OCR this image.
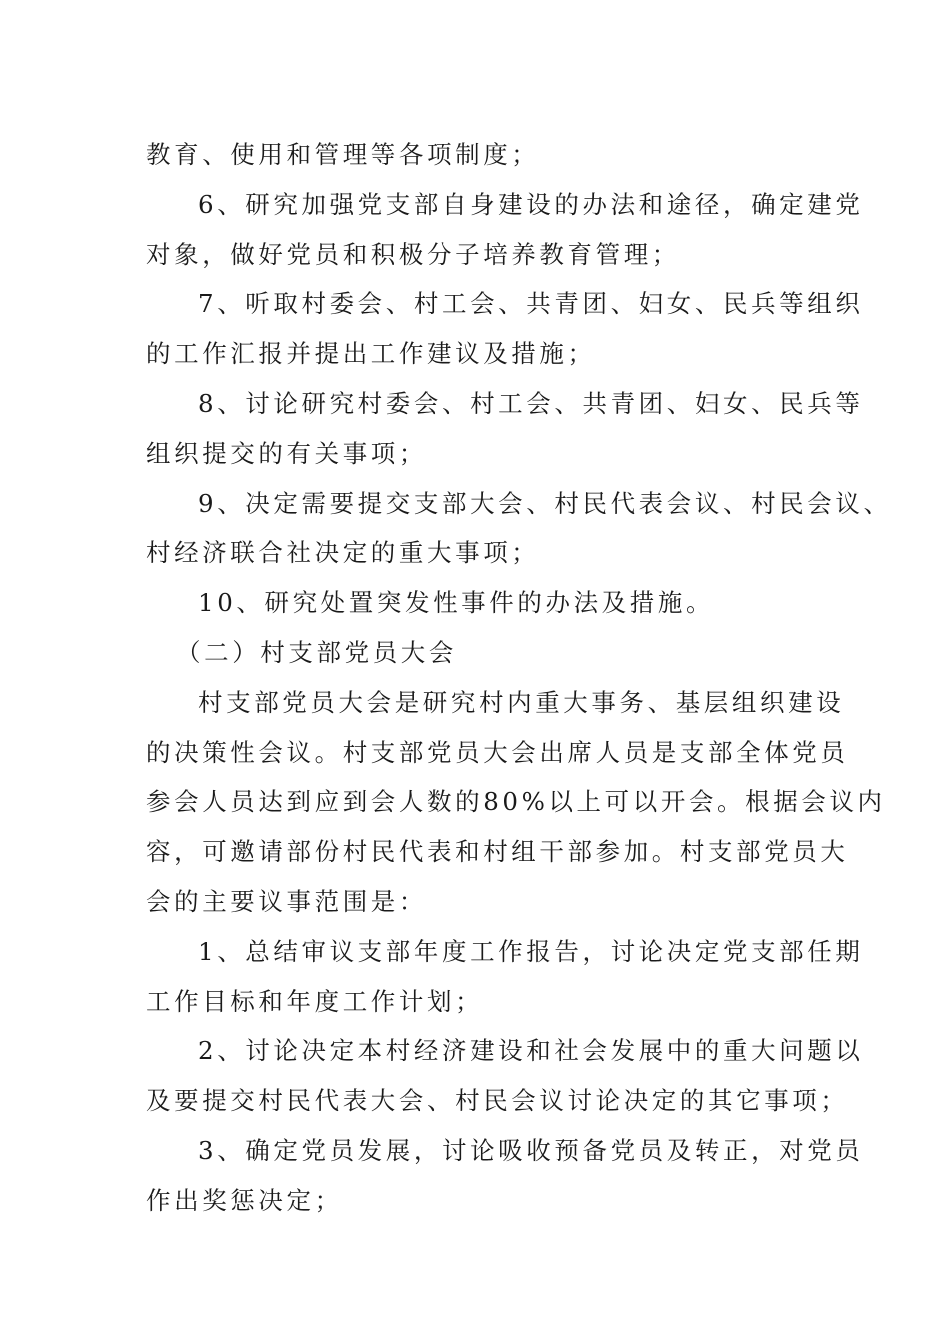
教育、使用和管理等各项制度；
6、研究加强党支部自身建设的办法和途径，确定建党
对象，做好党员和积极分子培养教育管理；
7、听取村委会、村工会、共青团、妇女、民兵等组织
的工作汇报并提出工作建议及措施；
8、讨论研究村委会、村工会、共青团、妇女、民兵等
组织提交的有关事项；
9、决定需要提交支部大会、村民代表会议、村民会议、
村经济联合社决定的重大事项；
10、研究处置突发性事件的办法及措施。
（二）村支部党员大会
村支部党员大会是研究村内重大事务、基层组织建设
的决策性会议。村支部党员大会出席人员是支部全体党员
参会人员达到应到会人数的80%以上可以开会。根据会议内
容，可邀请部份村民代表和村组干部参加。村支部党员大
会的主要议事范围是：
1、总结审议支部年度工作报告，讨论决定党支部任期
工作目标和年度工作计划；
2、讨论决定本村经济建设和社会发展中的重大问题以
及要提交村民代表大会、村民会议讨论决定的其它事项；
3、确定党员发展，讨论吸收预备党员及转正，对党员
作出奖惩决定；
